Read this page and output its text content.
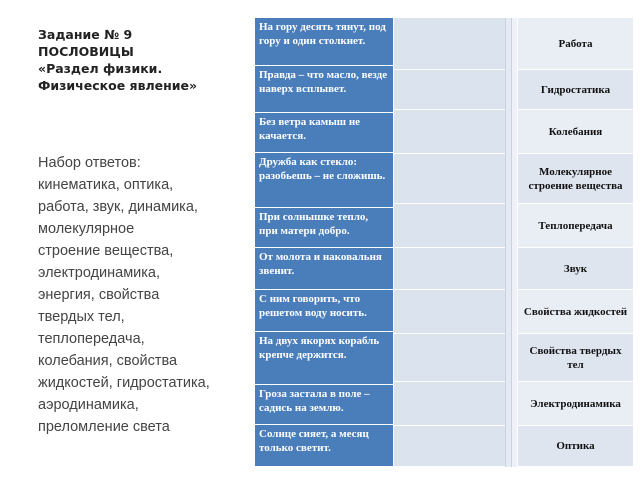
Задание № 9
ПОСЛОВИЦЫ
«Раздел физики.
Физическое явление»
Набор ответов:
кинематика, оптика,
работа, звук, динамика,
молекулярное
строение вещества,
электродинамика,
энергия, свойства
твердых тел,
теплопередача,
колебания, свойства
жидкостей, гидростатика,
аэродинамика,
преломление света
На гору десять тянут, под гору и один столкнет.
Правда – что масло, везде наверх всплывет.
Без ветра камыш не качается.
Дружба как стекло: разобьешь – не сложишь.
При солнышке тепло, при матери добро.
От молота и наковальня звенит.
С ним говорить, что решетом воду носить.
На двух якорях корабль крепче держится.
Гроза застала в поле – садись на землю.
Солнце сияет, а месяц только светит.
Работа
Гидростатика
Колебания
Молекулярное строение вещества
Теплопередача
Звук
Свойства жидкостей
Свойства твердых тел
Электродинамика
Оптика
